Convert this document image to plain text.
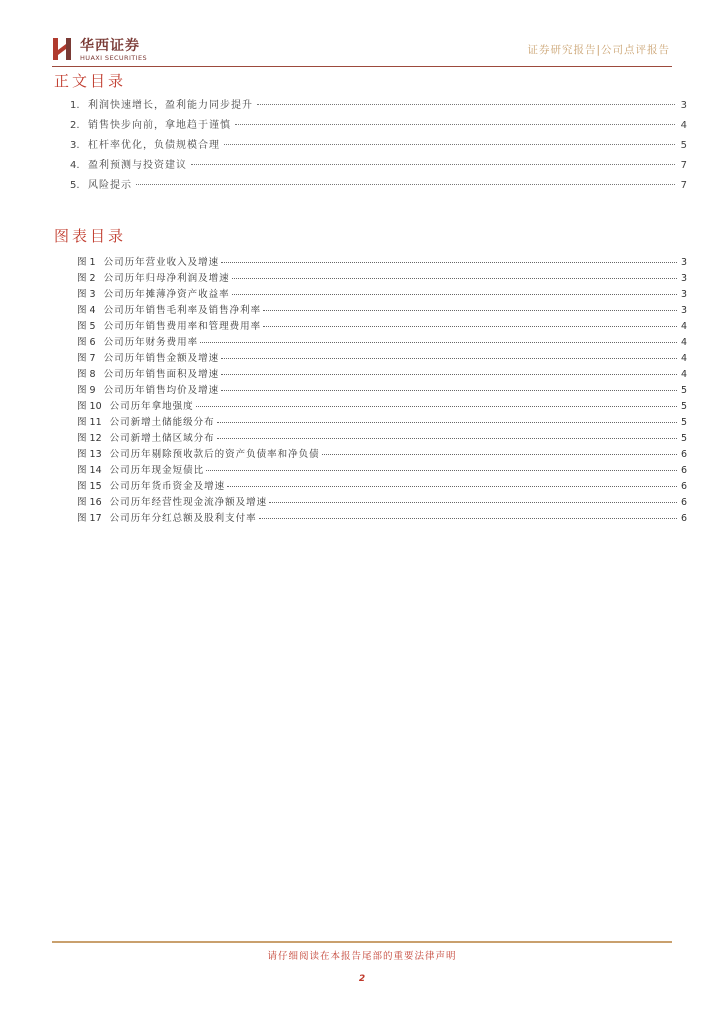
华西证券
HUAXI SECURITIES
证券研究报告|公司点评报告
正文目录
1. 利润快速增长，盈利能力同步提升	3
2. 销售快步向前，拿地趋于谨慎	4
3. 杠杆率优化，负债规模合理	5
4. 盈利预测与投资建议	7
5. 风险提示	7
图表目录
图 1 公司历年营业收入及增速	3
图 2 公司历年归母净利润及增速	3
图 3 公司历年摊薄净资产收益率	3
图 4 公司历年销售毛利率及销售净利率	3
图 5 公司历年销售费用率和管理费用率	4
图 6 公司历年财务费用率	4
图 7 公司历年销售金额及增速	4
图 8 公司历年销售面积及增速	4
图 9 公司历年销售均价及增速	5
图 10 公司历年拿地强度	5
图 11 公司新增土储能级分布	5
图 12 公司新增土储区域分布	5
图 13 公司历年剔除预收款后的资产负债率和净负债	6
图 14 公司历年现金短债比	6
图 15 公司历年货币资金及增速	6
图 16 公司历年经营性现金流净额及增速	6
图 17 公司历年分红总额及股利支付率	6
请仔细阅读在本报告尾部的重要法律声明
2
